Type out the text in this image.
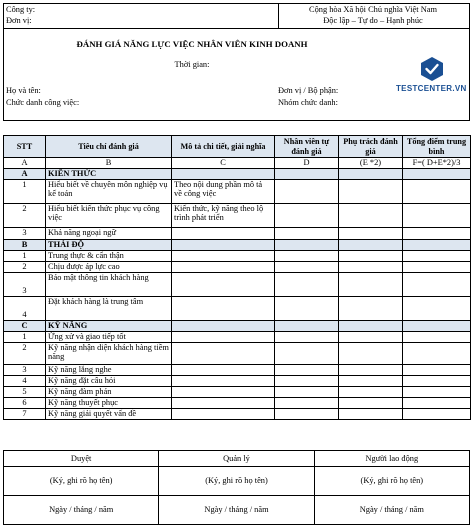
Công ty:
Đơn vị:
Cộng hòa Xã hội Chủ nghĩa Việt Nam
Độc lập – Tự do – Hạnh phúc
ĐÁNH GIÁ NĂNG LỰC VIỆC NHÂN VIÊN KINH DOANH
Thời gian:
Họ và tên:
Chức danh công việc:
Đơn vị / Bộ phận:
Nhóm chức danh:
TESTCENTER.VN
STT	Tiêu chí đánh giá	Mô tả chi tiết, giải nghĩa	Nhân viên tự đánh giá	Phụ trách đánh giá	Tổng điểm trung bình
A	B	C	D	(E *2)	F=( D+E*2)/3
A	KIẾN THỨC				
1	Hiểu biết về chuyên môn nghiệp vụ kế toán	Theo nội dung phần mô tả về công việc			
2	Hiểu biết kiến thức phục vụ công việc	Kiến thức, kỹ năng theo lộ trình phát triển			
3	Khả năng ngoại ngữ				
B	THÁI ĐỘ				
1	Trung thực & cẩn thận				
2	Chịu được áp lực cao				
3	Bảo mật thông tin khách hàng				
4	Đặt khách hàng là trung tâm				
C	KỸ NĂNG				
1	Ứng xử và giao tiếp tốt				
2	Kỹ năng nhận diện khách hàng tiềm năng				
3	Kỹ năng lắng nghe				
4	Kỹ năng đặt câu hỏi				
5	Kỹ năng đàm phán				
6	Kỹ năng thuyết phục				
7	Kỹ năng giải quyết vấn đề				
Duyệt	Quản lý	Người lao động
(Ký, ghi rõ họ tên)	(Ký, ghi rõ họ tên)	(Ký, ghi rõ họ tên)
Ngày / tháng / năm	Ngày / tháng / năm	Ngày / tháng / năm
